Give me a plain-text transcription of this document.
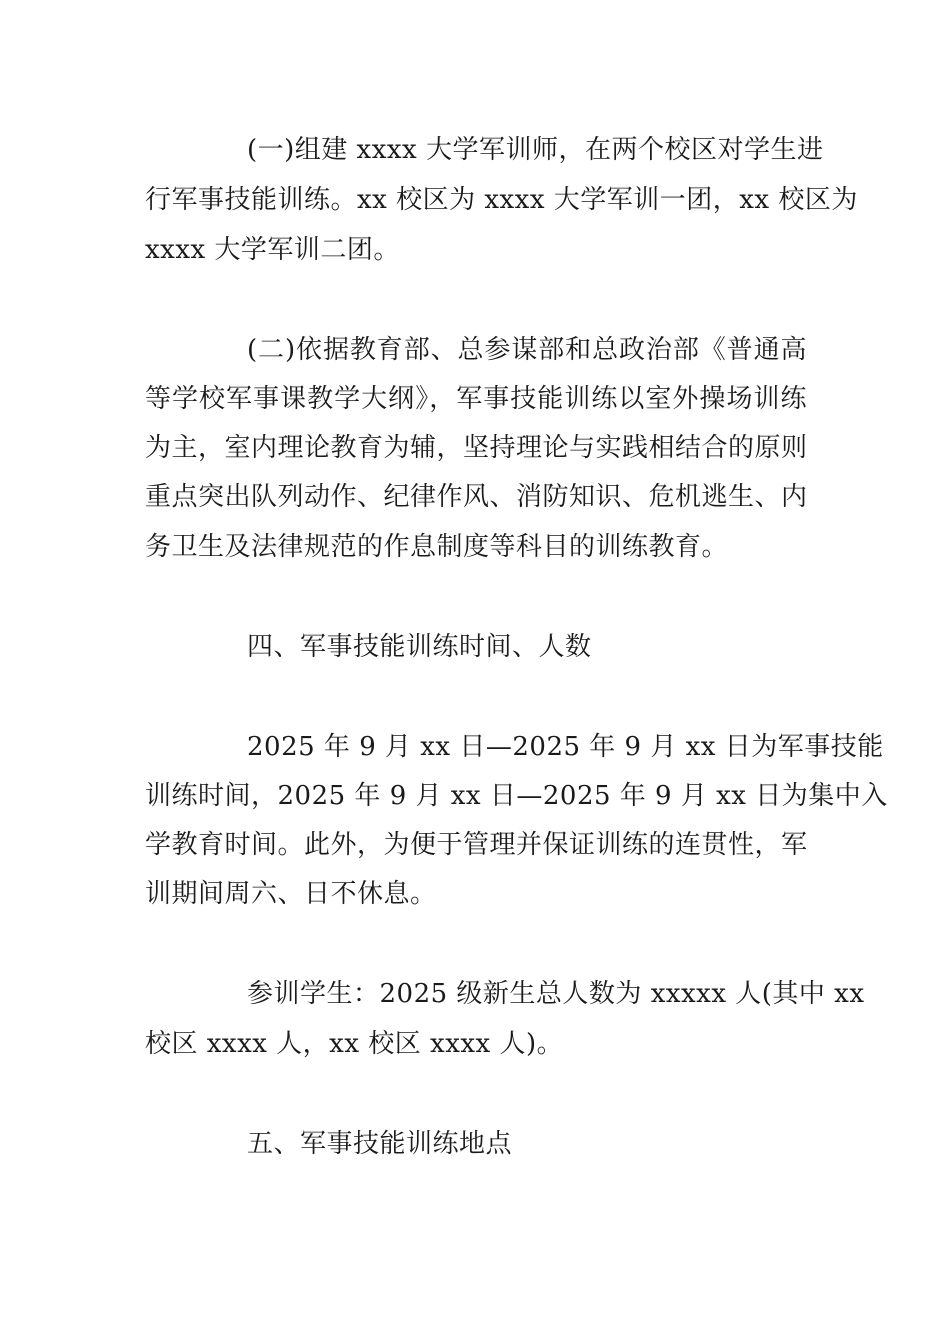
(一)组建 xxxx 大学军训师，在两个校区对学生进
行军事技能训练。xx 校区为 xxxx 大学军训一团，xx 校区为
xxxx 大学军训二团。
(二)依据教育部、总参谋部和总政治部《普通高
等学校军事课教学大纲》，军事技能训练以室外操场训练
为主，室内理论教育为辅，坚持理论与实践相结合的原则
重点突出队列动作、纪律作风、消防知识、危机逃生、内
务卫生及法律规范的作息制度等科目的训练教育。
四、军事技能训练时间、人数
2025 年 9 月 xx 日—2025 年 9 月 xx 日为军事技能
训练时间，2025 年 9 月 xx 日—2025 年 9 月 xx 日为集中入
学教育时间。此外，为便于管理并保证训练的连贯性，军
训期间周六、日不休息。
参训学生：2025 级新生总人数为 xxxxx 人(其中 xx
校区 xxxx 人，xx 校区 xxxx 人)。
五、军事技能训练地点
